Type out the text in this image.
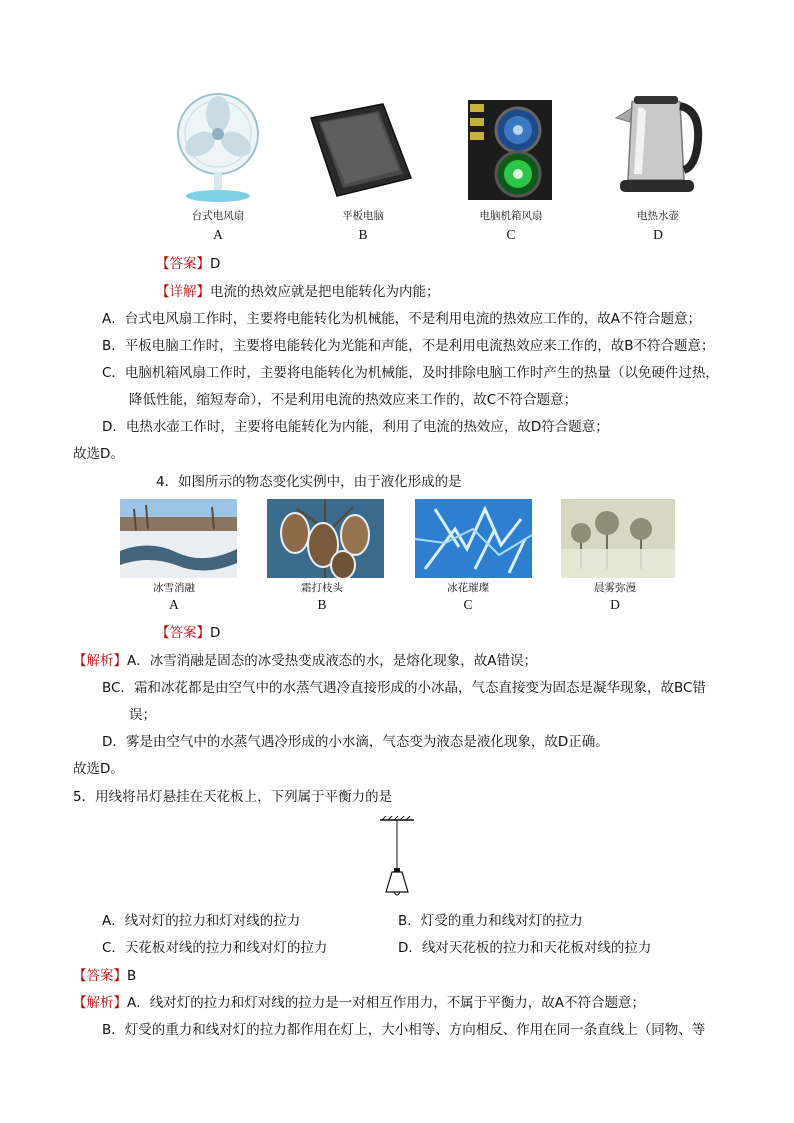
台式电风扇	平板电脑	电脑机箱风扇	电热水壶
A	B	C	D
【答案】D
【详解】电流的热效应就是把电能转化为内能；
A．台式电风扇工作时，主要将电能转化为机械能，不是利用电流的热效应工作的，故A不符合题意；
B．平板电脑工作时，主要将电能转化为光能和声能，不是利用电流热效应来工作的，故B不符合题意；
C．电脑机箱风扇工作时，主要将电能转化为机械能，及时排除电脑工作时产生的热量（以免硬件过热，
降低性能，缩短寿命），不是利用电流的热效应来工作的，故C不符合题意；
D．电热水壶工作时，主要将电能转化为内能，利用了电流的热效应，故D符合题意；
故选D。
4．如图所示的物态变化实例中，由于液化形成的是
冰雪消融	霜打枝头	冰花璀璨	晨雾弥漫
A	B	C	D
【答案】D
【解析】A．冰雪消融是固态的冰受热变成液态的水，是熔化现象，故A错误；
BC．霜和冰花都是由空气中的水蒸气遇冷直接形成的小冰晶，气态直接变为固态是凝华现象，故BC错
误；
D．雾是由空气中的水蒸气遇冷形成的小水滴，气态变为液态是液化现象，故D正确。
故选D。
5．用线将吊灯悬挂在天花板上，下列属于平衡力的是
A．线对灯的拉力和灯对线的拉力	B．灯受的重力和线对灯的拉力
C．天花板对线的拉力和线对灯的拉力	D．线对天花板的拉力和天花板对线的拉力
【答案】B
【解析】A．线对灯的拉力和灯对线的拉力是一对相互作用力，不属于平衡力，故A不符合题意；
B．灯受的重力和线对灯的拉力都作用在灯上，大小相等、方向相反、作用在同一条直线上（同物、等
